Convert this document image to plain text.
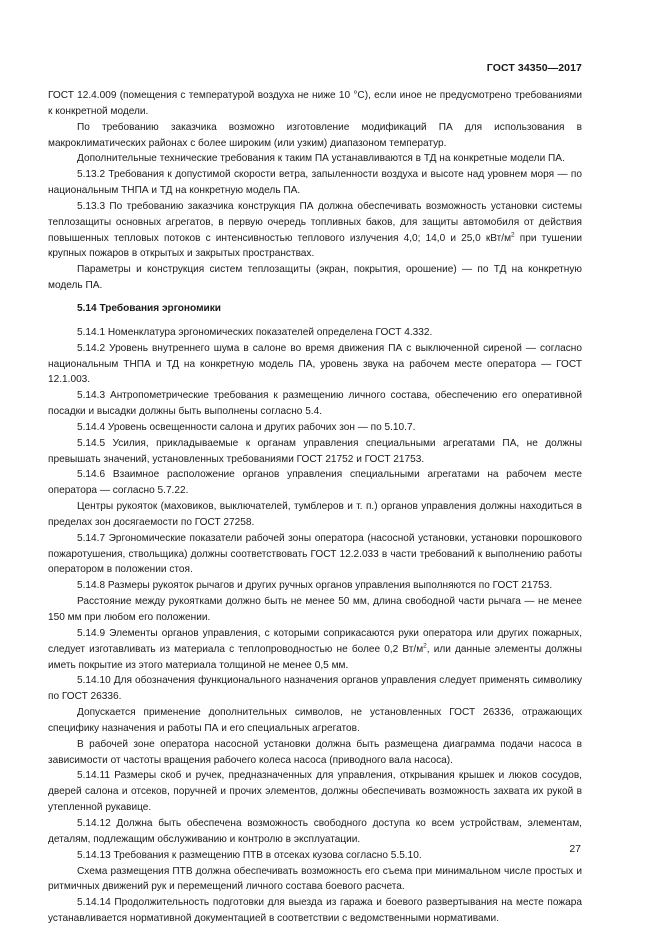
ГОСТ 34350—2017

ГОСТ 12.4.009 (помещения с температурой воздуха не ниже 10 °С), если иное не предусмотрено требованиями к конкретной модели.

По требованию заказчика возможно изготовление модификаций ПА для использования в макроклиматических районах с более широким (или узким) диапазоном температур.

Дополнительные технические требования к таким ПА устанавливаются в ТД на конкретные модели ПА.

5.13.2 Требования к допустимой скорости ветра, запыленности воздуха и высоте над уровнем моря — по национальным ТНПА и ТД на конкретную модель ПА.

5.13.3 По требованию заказчика конструкция ПА должна обеспечивать возможность установки системы теплозащиты основных агрегатов, в первую очередь топливных баков, для защиты автомобиля от действия повышенных тепловых потоков с интенсивностью теплового излучения 4,0; 14,0 и 25,0 кВт/$м^2$ при тушении крупных пожаров в открытых и закрытых пространствах.

Параметры и конструкция систем теплозащиты (экран, покрытия, орошение) — по ТД на конкретную модель ПА.

5.14 Требования эргономики

5.14.1 Номенклатура эргономических показателей определена ГОСТ 4.332.

5.14.2 Уровень внутреннего шума в салоне во время движения ПА с выключенной сиреной — согласно национальным ТНПА и ТД на конкретную модель ПА, уровень звука на рабочем месте оператора — ГОСТ 12.1.003.

5.14.3 Антропометрические требования к размещению личного состава, обеспечению его оперативной посадки и высадки должны быть выполнены согласно 5.4.

5.14.4 Уровень освещенности салона и других рабочих зон — по 5.10.7.

5.14.5 Усилия, прикладываемые к органам управления специальными агрегатами ПА, не должны превышать значений, установленных требованиями ГОСТ 21752 и ГОСТ 21753.

5.14.6 Взаимное расположение органов управления специальными агрегатами на рабочем месте оператора — согласно 5.7.22.

Центры рукояток (маховиков, выключателей, тумблеров и т. п.) органов управления должны находиться в пределах зон досягаемости по ГОСТ 27258.

5.14.7 Эргономические показатели рабочей зоны оператора (насосной установки, установки порошкового пожаротушения, ствольщика) должны соответствовать ГОСТ 12.2.033 в части требований к выполнению работы оператором в положении стоя.

5.14.8 Размеры рукояток рычагов и других ручных органов управления выполняются по ГОСТ 21753.

Расстояние между рукоятками должно быть не менее 50 мм, длина свободной части рычага — не менее 150 мм при любом его положении.

5.14.9 Элементы органов управления, с которыми соприкасаются руки оператора или других пожарных, следует изготавливать из материала с теплопроводностью не более 0,2 $Вт/м^2$, или данные элементы должны иметь покрытие из этого материала толщиной не менее 0,5 мм.

5.14.10 Для обозначения функционального назначения органов управления следует применять символику по ГОСТ 26336.

Допускается применение дополнительных символов, не установленных ГОСТ 26336, отражающих специфику назначения и работы ПА и его специальных агрегатов.

В рабочей зоне оператора насосной установки должна быть размещена диаграмма подачи насоса в зависимости от частоты вращения рабочего колеса насоса (приводного вала насоса).

5.14.11 Размеры скоб и ручек, предназначенных для управления, открывания крышек и люков сосудов, дверей салона и отсеков, поручней и прочих элементов, должны обеспечивать возможность захвата их рукой в утепленной рукавице.

5.14.12 Должна быть обеспечена возможность свободного доступа ко всем устройствам, элементам, деталям, подлежащим обслуживанию и контролю в эксплуатации.

5.14.13 Требования к размещению ПТВ в отсеках кузова согласно 5.5.10.

Схема размещения ПТВ должна обеспечивать возможность его съема при минимальном числе простых и ритмичных движений рук и перемещений личного состава боевого расчета.

5.14.14 Продолжительность подготовки для выезда из гаража и боевого развертывания на месте пожара устанавливается нормативной документацией в соответствии с ведомственными нормативами.

27
